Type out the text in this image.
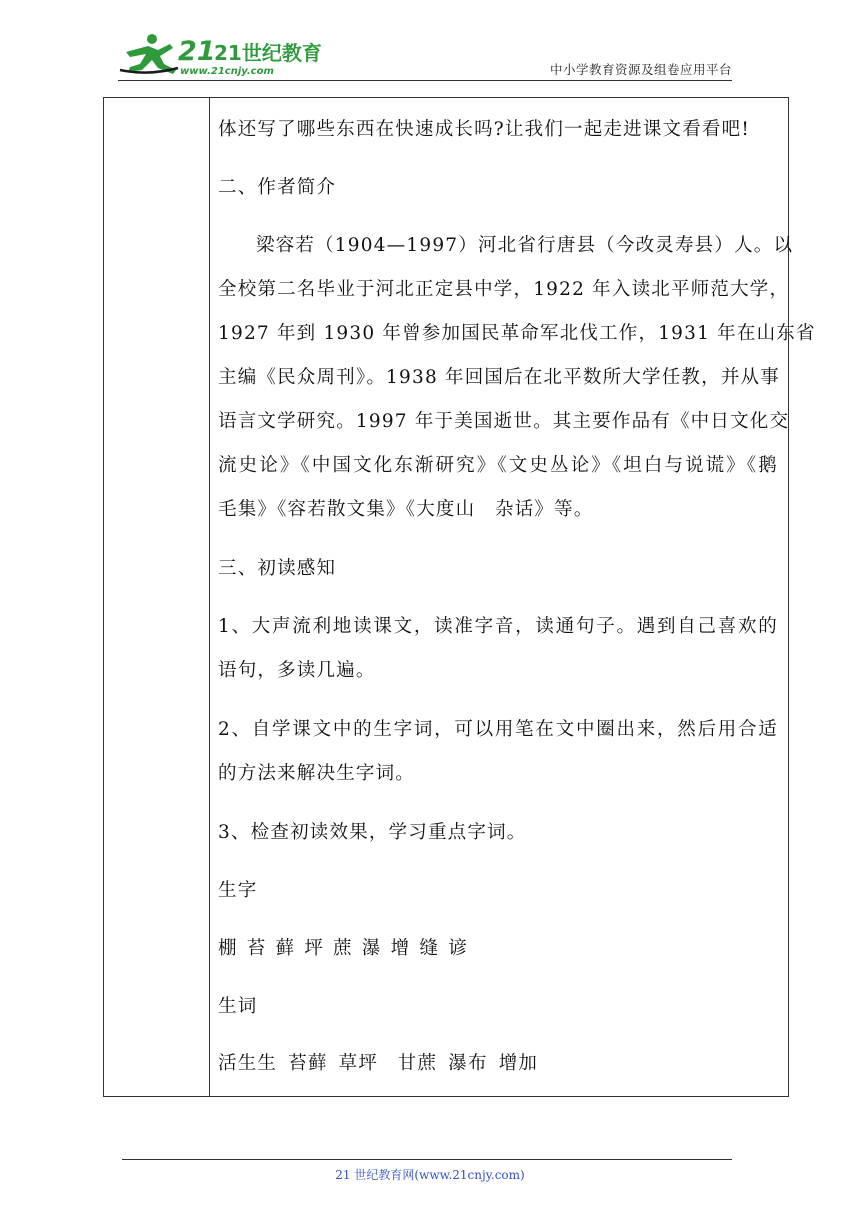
21
21世纪教育
www.21cnjy.com	中小学教育资源及组卷应用平台

体还写了哪些东西在快速成长吗?让我们一起走进课文看看吧!

二、作者简介

梁容若（1904—1997）河北省行唐县（今改灵寿县）人。以

全校第二名毕业于河北正定县中学，1922 年入读北平师范大学，

1927 年到 1930 年曾参加国民革命军北伐工作，1931 年在山东省

主编《民众周刊》。1938 年回国后在北平数所大学任教，并从事

语言文学研究。1997 年于美国逝世。其主要作品有《中日文化交

流史论》《中国文化东渐研究》《文史丛论》《坦白与说谎》《鹅

毛集》《容若散文集》《大度山　杂话》等。

三、初读感知

1、大声流利地读课文，读准字音，读通句子。遇到自己喜欢的

语句，多读几遍。

2、自学课文中的生字词，可以用笔在文中圈出来，然后用合适

的方法来解决生字词。

3、检查初读效果，学习重点字词。

生字

棚 苔 藓 坪 蔗 瀑 增 缝 谚

生词

活生生 苔藓 草坪　甘蔗 瀑布 增加

21 世纪教育网(www.21cnjy.com)
